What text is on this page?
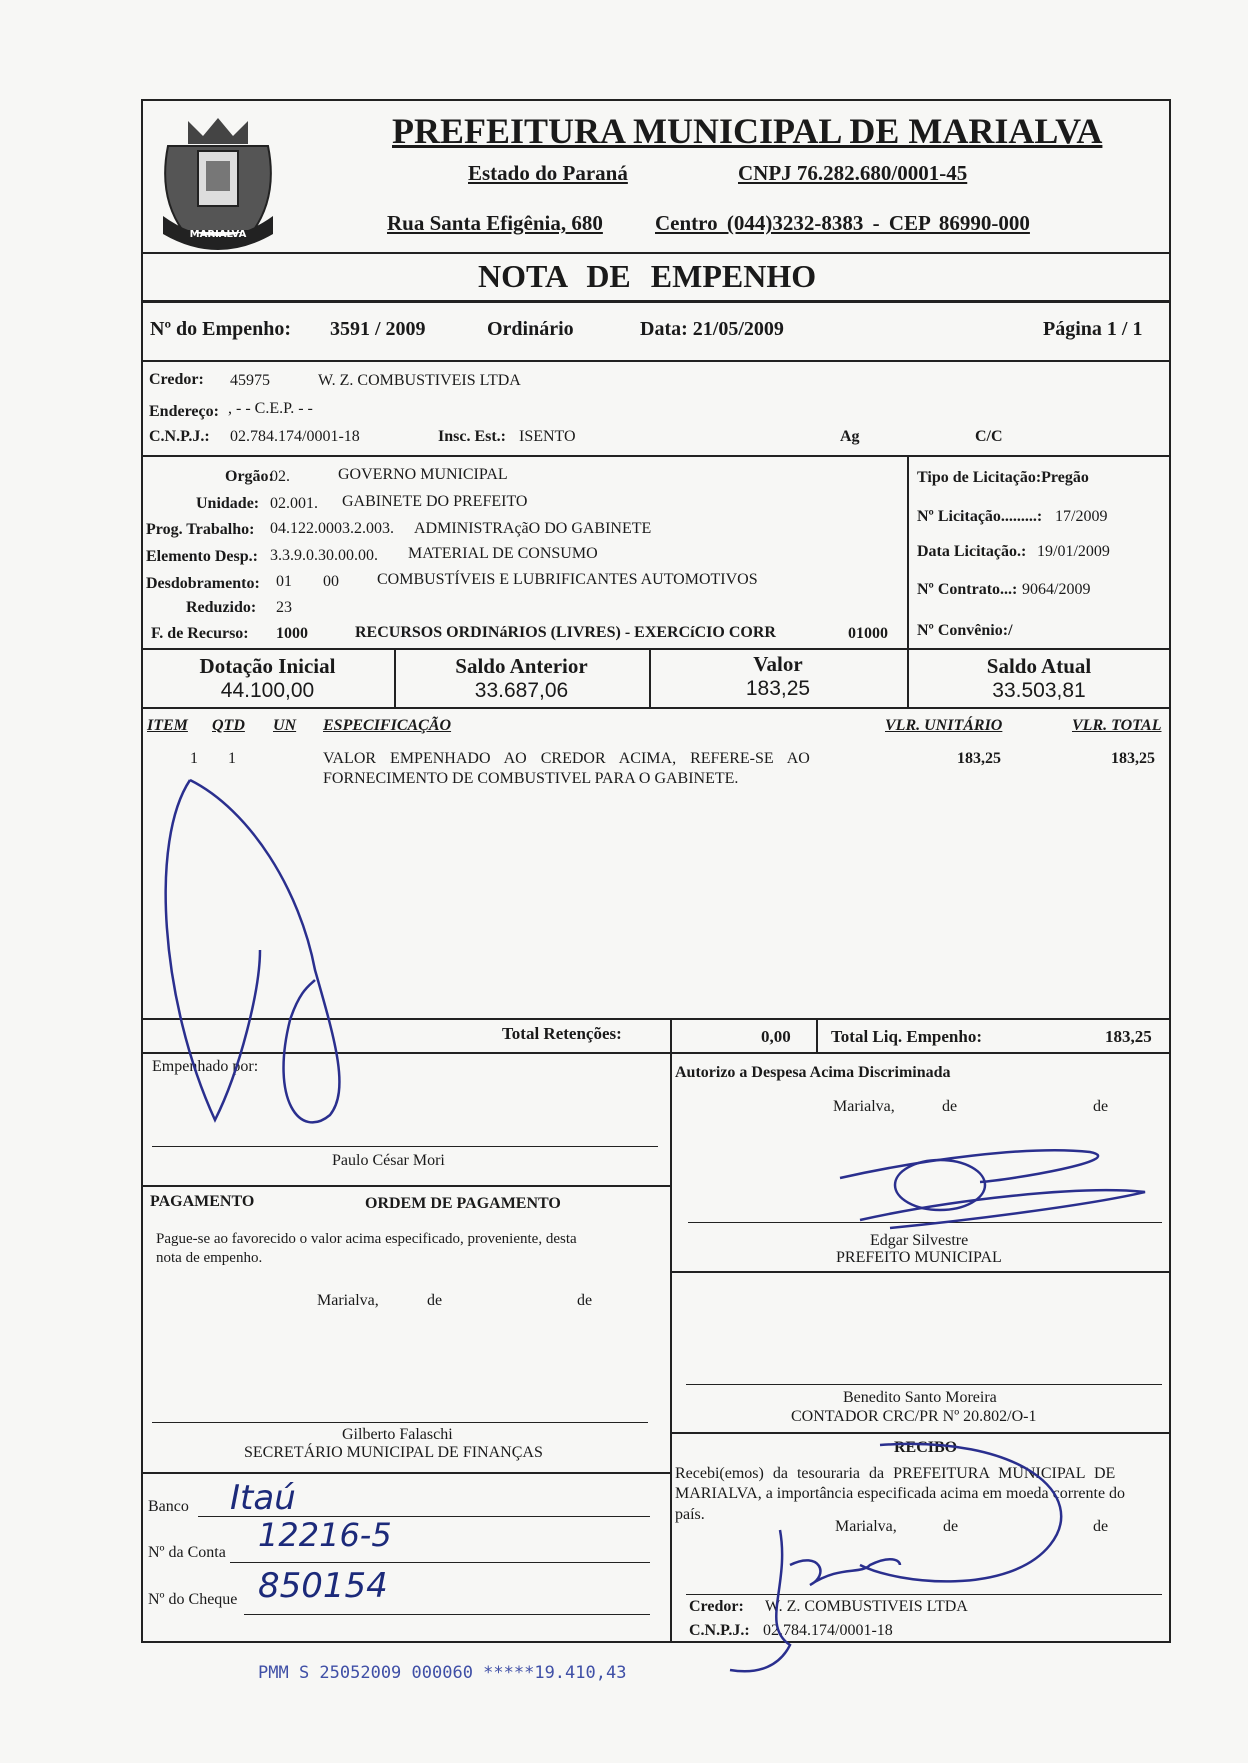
MARIALVA
PREFEITURA MUNICIPAL DE MARIALVA
Estado do Paraná	CNPJ 76.282.680/0001-45
Rua Santa Efigênia, 680 Centro (044)3232-8383 - CEP 86990-000
NOTA DE EMPENHO
Nº do Empenho: 3591 / 2009	Ordinário	Data: 21/05/2009	Página 1 / 1
Credor: 45975	W. Z. COMBUSTIVEIS LTDA
Endereço: , - - C.E.P. - -
C.N.P.J.: 02.784.174/0001-18	Insc. Est.: ISENTO	Ag	C/C
Orgão:
02.	GOVERNO MUNICIPAL
Unidade: 02.001. GABINETE DO PREFEITO
Prog. Trabalho: 04.122.0003.2.003. ADMINISTRAçãO DO GABINETE
Elemento Desp.: 3.3.9.0.30.00.00. MATERIAL DE CONSUMO
Desdobramento: 01 00 COMBUSTÍVEIS E LUBRIFICANTES AUTOMOTIVOS
Reduzido: 23
F. de Recurso: 1000	RECURSOS ORDINáRIOS (LIVRES) - EXERCíCIO CORR	01000
Tipo de Licitação:Pregão
Nº Licitação.........: 17/2009
Data Licitação.: 19/01/2009
Nº Contrato...: 9064/2009
Nº Convênio:/
Dotação Inicial
44.100,00
Saldo Anterior
33.687,06
Valor
183,25
Saldo Atual
33.503,81
ITEM QTD UN ESPECIFICAÇÃO	VLR. UNITÁRIO	VLR. TOTAL
1 1	VALOR EMPENHADO AO CREDOR ACIMA, REFERE-SE AO
FORNECIMENTO DE COMBUSTIVEL PARA O GABINETE.
183,25	183,25
Total Retenções:	0,00 Total Liq. Empenho:	183,25
Empenhado por:
Paulo César Mori
Autorizo a Despesa Acima Discriminada
Marialva,	de	de
Edgar Silvestre
PREFEITO MUNICIPAL
PAGAMENTO	ORDEM DE PAGAMENTO
Pague-se ao favorecido o valor acima especificado, proveniente, desta
nota de empenho.
Marialva,	de	de
Gilberto Falaschi
SECRETÁRIO MUNICIPAL DE FINANÇAS
Banco Itaú
Nº da Conta 12216-5
Nº do Cheque 850154
Benedito Santo Moreira
CONTADOR CRC/PR Nº 20.802/O-1
RECIBO
Recebi(emos) da tesouraria da PREFEITURA MUNICIPAL DE
MARIALVA, a importância especificada acima em moeda corrente do
país.
Marialva,	de	de
Credor: W. Z. COMBUSTIVEIS LTDA
C.N.P.J.: 02.784.174/0001-18
PMM S 25052009 000060 *****19.410,43
